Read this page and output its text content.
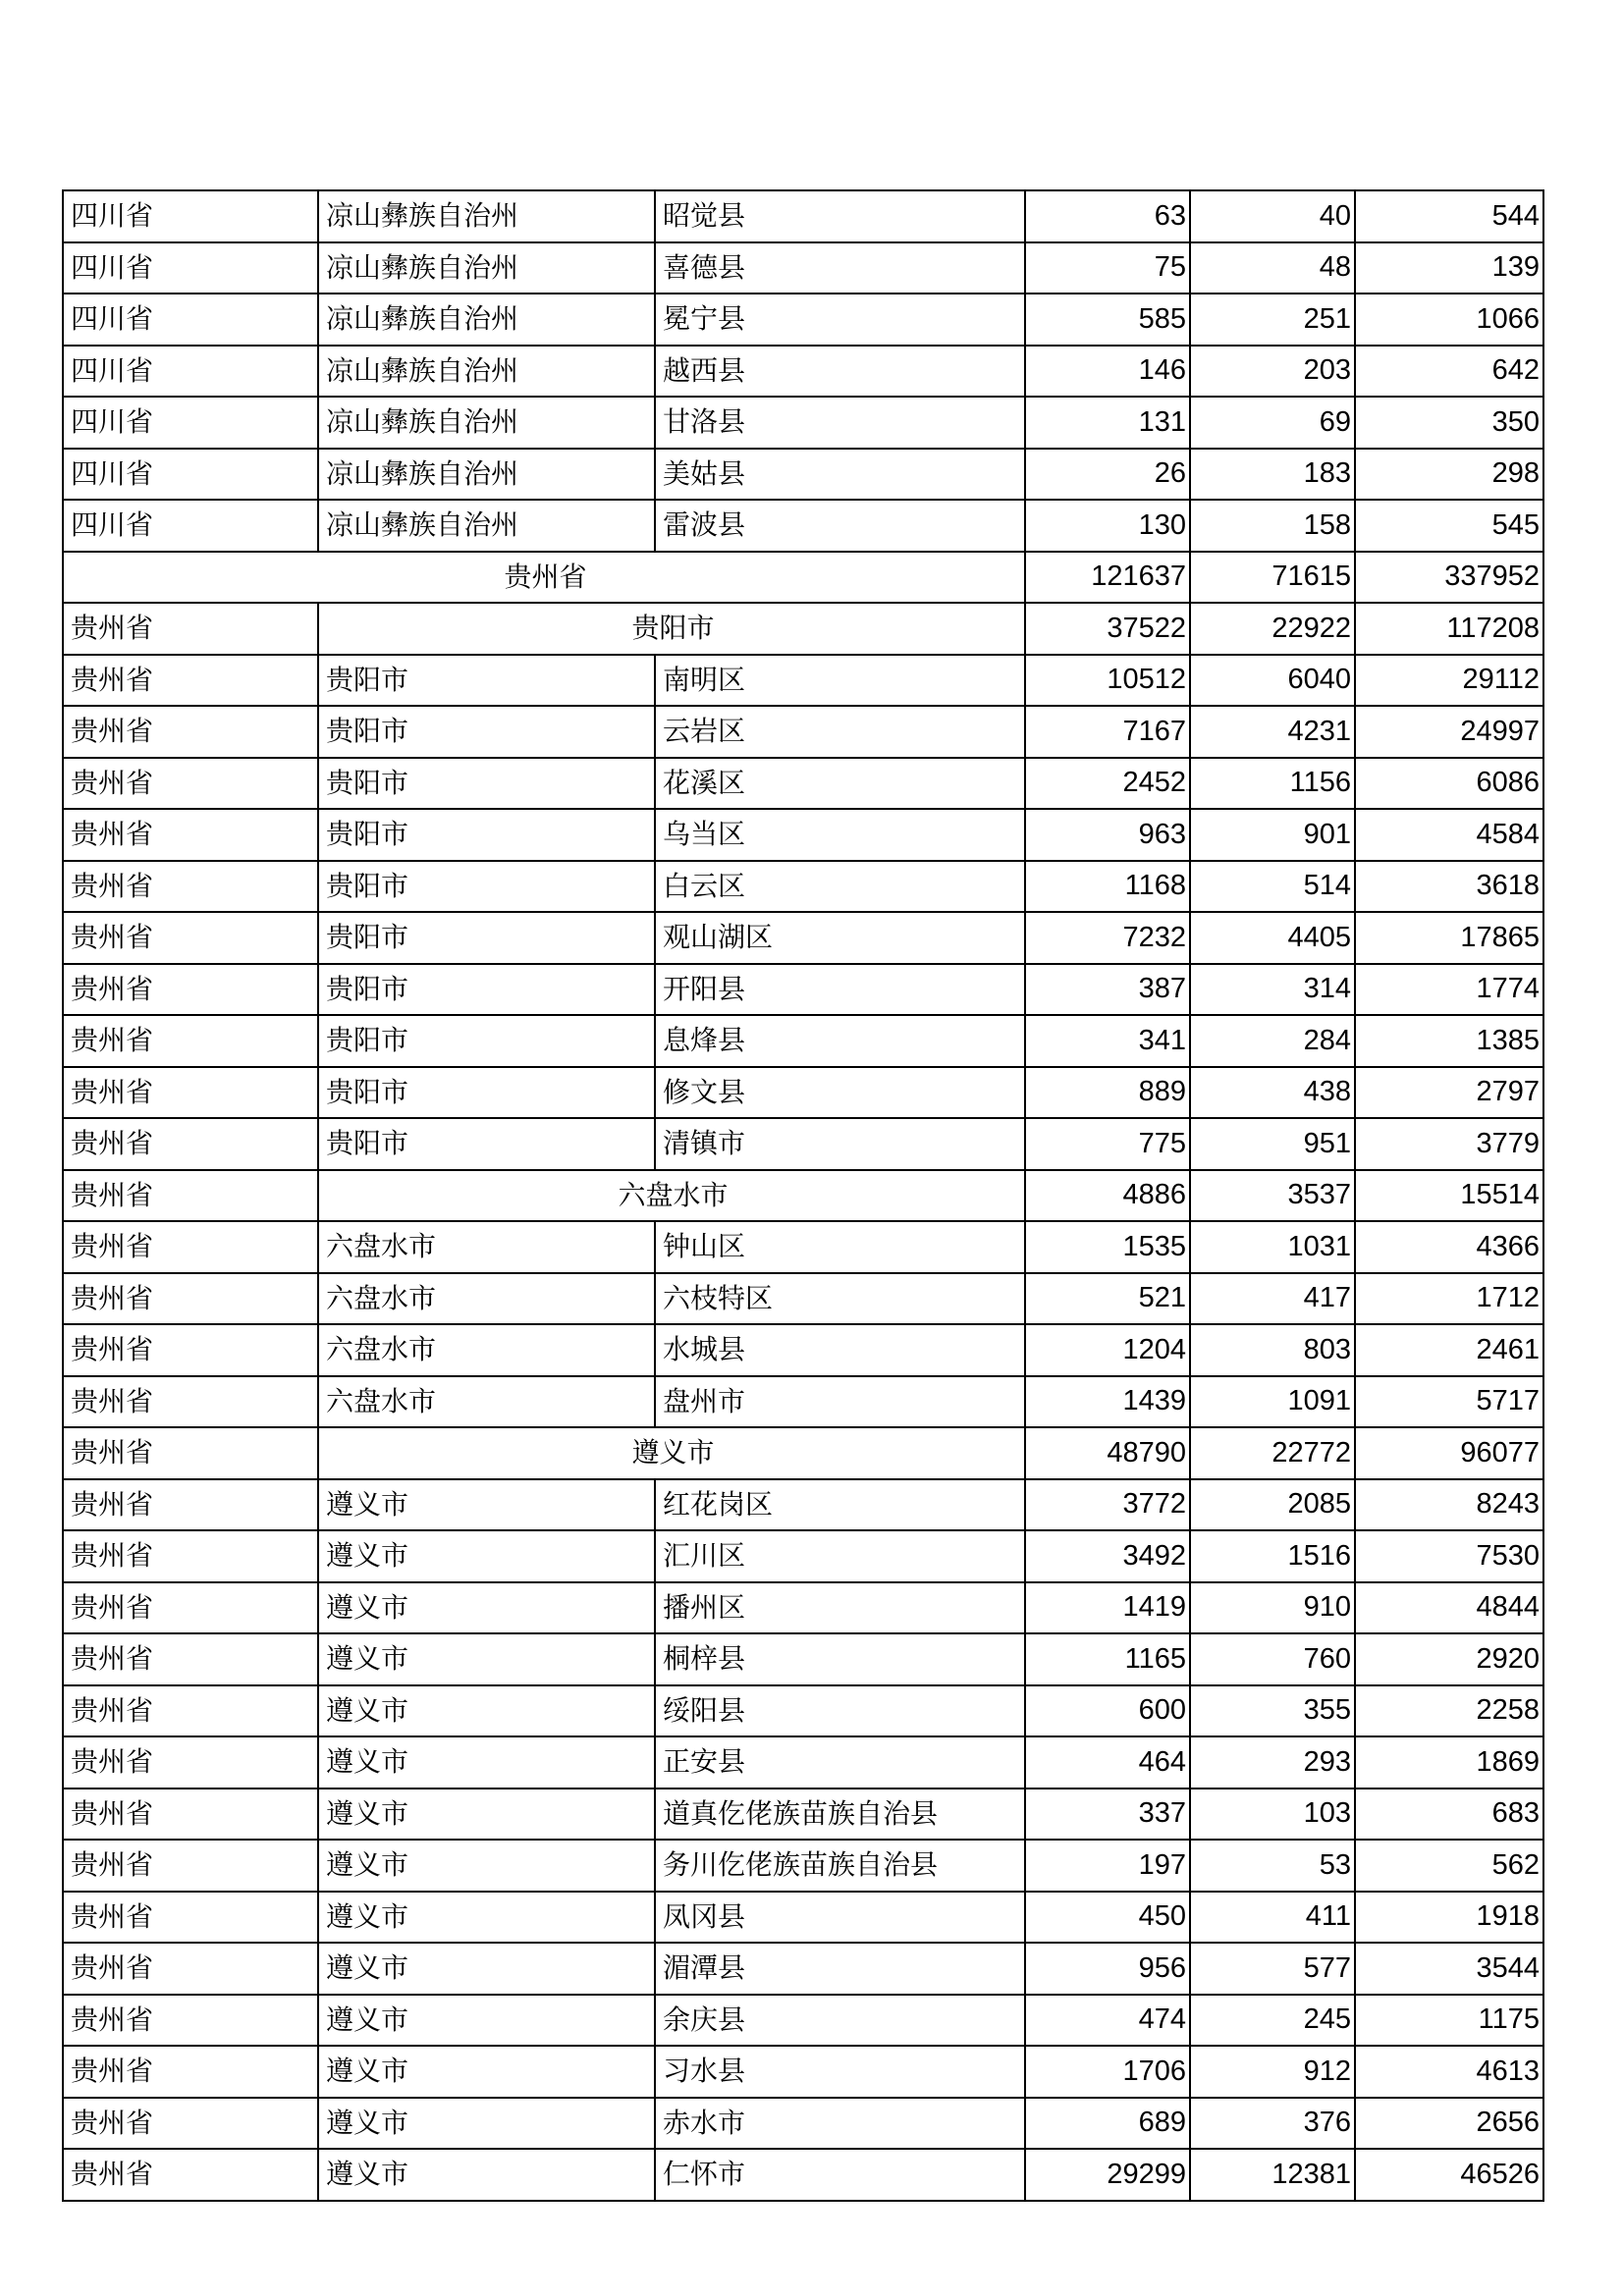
四川省	凉山彝族自治州	昭觉县	63	40	544
四川省	凉山彝族自治州	喜德县	75	48	139
四川省	凉山彝族自治州	冕宁县	585	251	1066
四川省	凉山彝族自治州	越西县	146	203	642
四川省	凉山彝族自治州	甘洛县	131	69	350
四川省	凉山彝族自治州	美姑县	26	183	298
四川省	凉山彝族自治州	雷波县	130	158	545
贵州省			121637	71615	337952
贵州省	贵阳市		37522	22922	117208
贵州省	贵阳市	南明区	10512	6040	29112
贵州省	贵阳市	云岩区	7167	4231	24997
贵州省	贵阳市	花溪区	2452	1156	6086
贵州省	贵阳市	乌当区	963	901	4584
贵州省	贵阳市	白云区	1168	514	3618
贵州省	贵阳市	观山湖区	7232	4405	17865
贵州省	贵阳市	开阳县	387	314	1774
贵州省	贵阳市	息烽县	341	284	1385
贵州省	贵阳市	修文县	889	438	2797
贵州省	贵阳市	清镇市	775	951	3779
贵州省	六盘水市		4886	3537	15514
贵州省	六盘水市	钟山区	1535	1031	4366
贵州省	六盘水市	六枝特区	521	417	1712
贵州省	六盘水市	水城县	1204	803	2461
贵州省	六盘水市	盘州市	1439	1091	5717
贵州省	遵义市		48790	22772	96077
贵州省	遵义市	红花岗区	3772	2085	8243
贵州省	遵义市	汇川区	3492	1516	7530
贵州省	遵义市	播州区	1419	910	4844
贵州省	遵义市	桐梓县	1165	760	2920
贵州省	遵义市	绥阳县	600	355	2258
贵州省	遵义市	正安县	464	293	1869
贵州省	遵义市	道真仡佬族苗族自治县	337	103	683
贵州省	遵义市	务川仡佬族苗族自治县	197	53	562
贵州省	遵义市	凤冈县	450	411	1918
贵州省	遵义市	湄潭县	956	577	3544
贵州省	遵义市	余庆县	474	245	1175
贵州省	遵义市	习水县	1706	912	4613
贵州省	遵义市	赤水市	689	376	2656
贵州省	遵义市	仁怀市	29299	12381	46526
